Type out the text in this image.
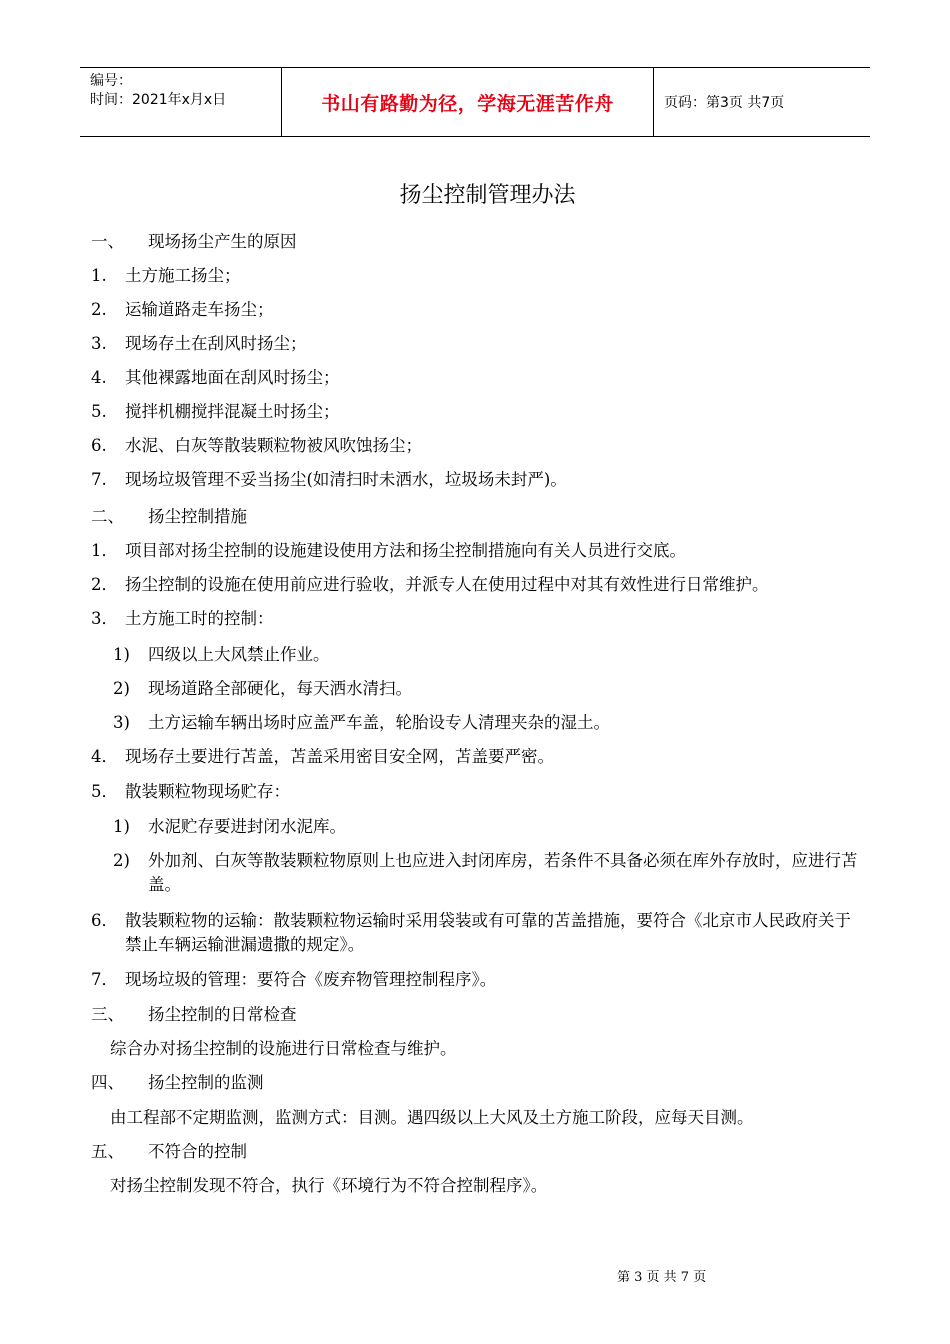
编号：
时间：2021年x月x日	书山有路勤为径，学海无涯苦作舟	页码：第3页 共7页
扬尘控制管理办法
一、 现场扬尘产生的原因
1. 土方施工扬尘；
2. 运输道路走车扬尘；
3. 现场存土在刮风时扬尘；
4. 其他裸露地面在刮风时扬尘；
5. 搅拌机棚搅拌混凝土时扬尘；
6. 水泥、白灰等散装颗粒物被风吹蚀扬尘；
7. 现场垃圾管理不妥当扬尘(如清扫时未洒水，垃圾场未封严)。
二、 扬尘控制措施
1． 项目部对扬尘控制的设施建设使用方法和扬尘控制措施向有关人员进行交底。
2． 扬尘控制的设施在使用前应进行验收，并派专人在使用过程中对其有效性进行日常维护。
3． 土方施工时的控制：
1) 四级以上大风禁止作业。
2) 现场道路全部硬化，每天洒水清扫。
3) 土方运输车辆出场时应盖严车盖，轮胎设专人清理夹杂的湿土。
4． 现场存土要进行苫盖，苫盖采用密目安全网，苫盖要严密。
5． 散装颗粒物现场贮存：
1) 水泥贮存要进封闭水泥库。
2) 外加剂、白灰等散装颗粒物原则上也应进入封闭库房，若条件不具备必须在库外存放时，应进行苫盖。
6． 散装颗粒物的运输：散装颗粒物运输时采用袋装或有可靠的苫盖措施，要符合《北京市人民政府关于禁止车辆运输泄漏遗撒的规定》。
7． 现场垃圾的管理：要符合《废弃物管理控制程序》。
三、 扬尘控制的日常检查
综合办对扬尘控制的设施进行日常检查与维护。
四、 扬尘控制的监测
由工程部不定期监测，监测方式：目测。遇四级以上大风及土方施工阶段，应每天目测。
五、 不符合的控制
对扬尘控制发现不符合，执行《环境行为不符合控制程序》。
第 3 页 共 7 页
